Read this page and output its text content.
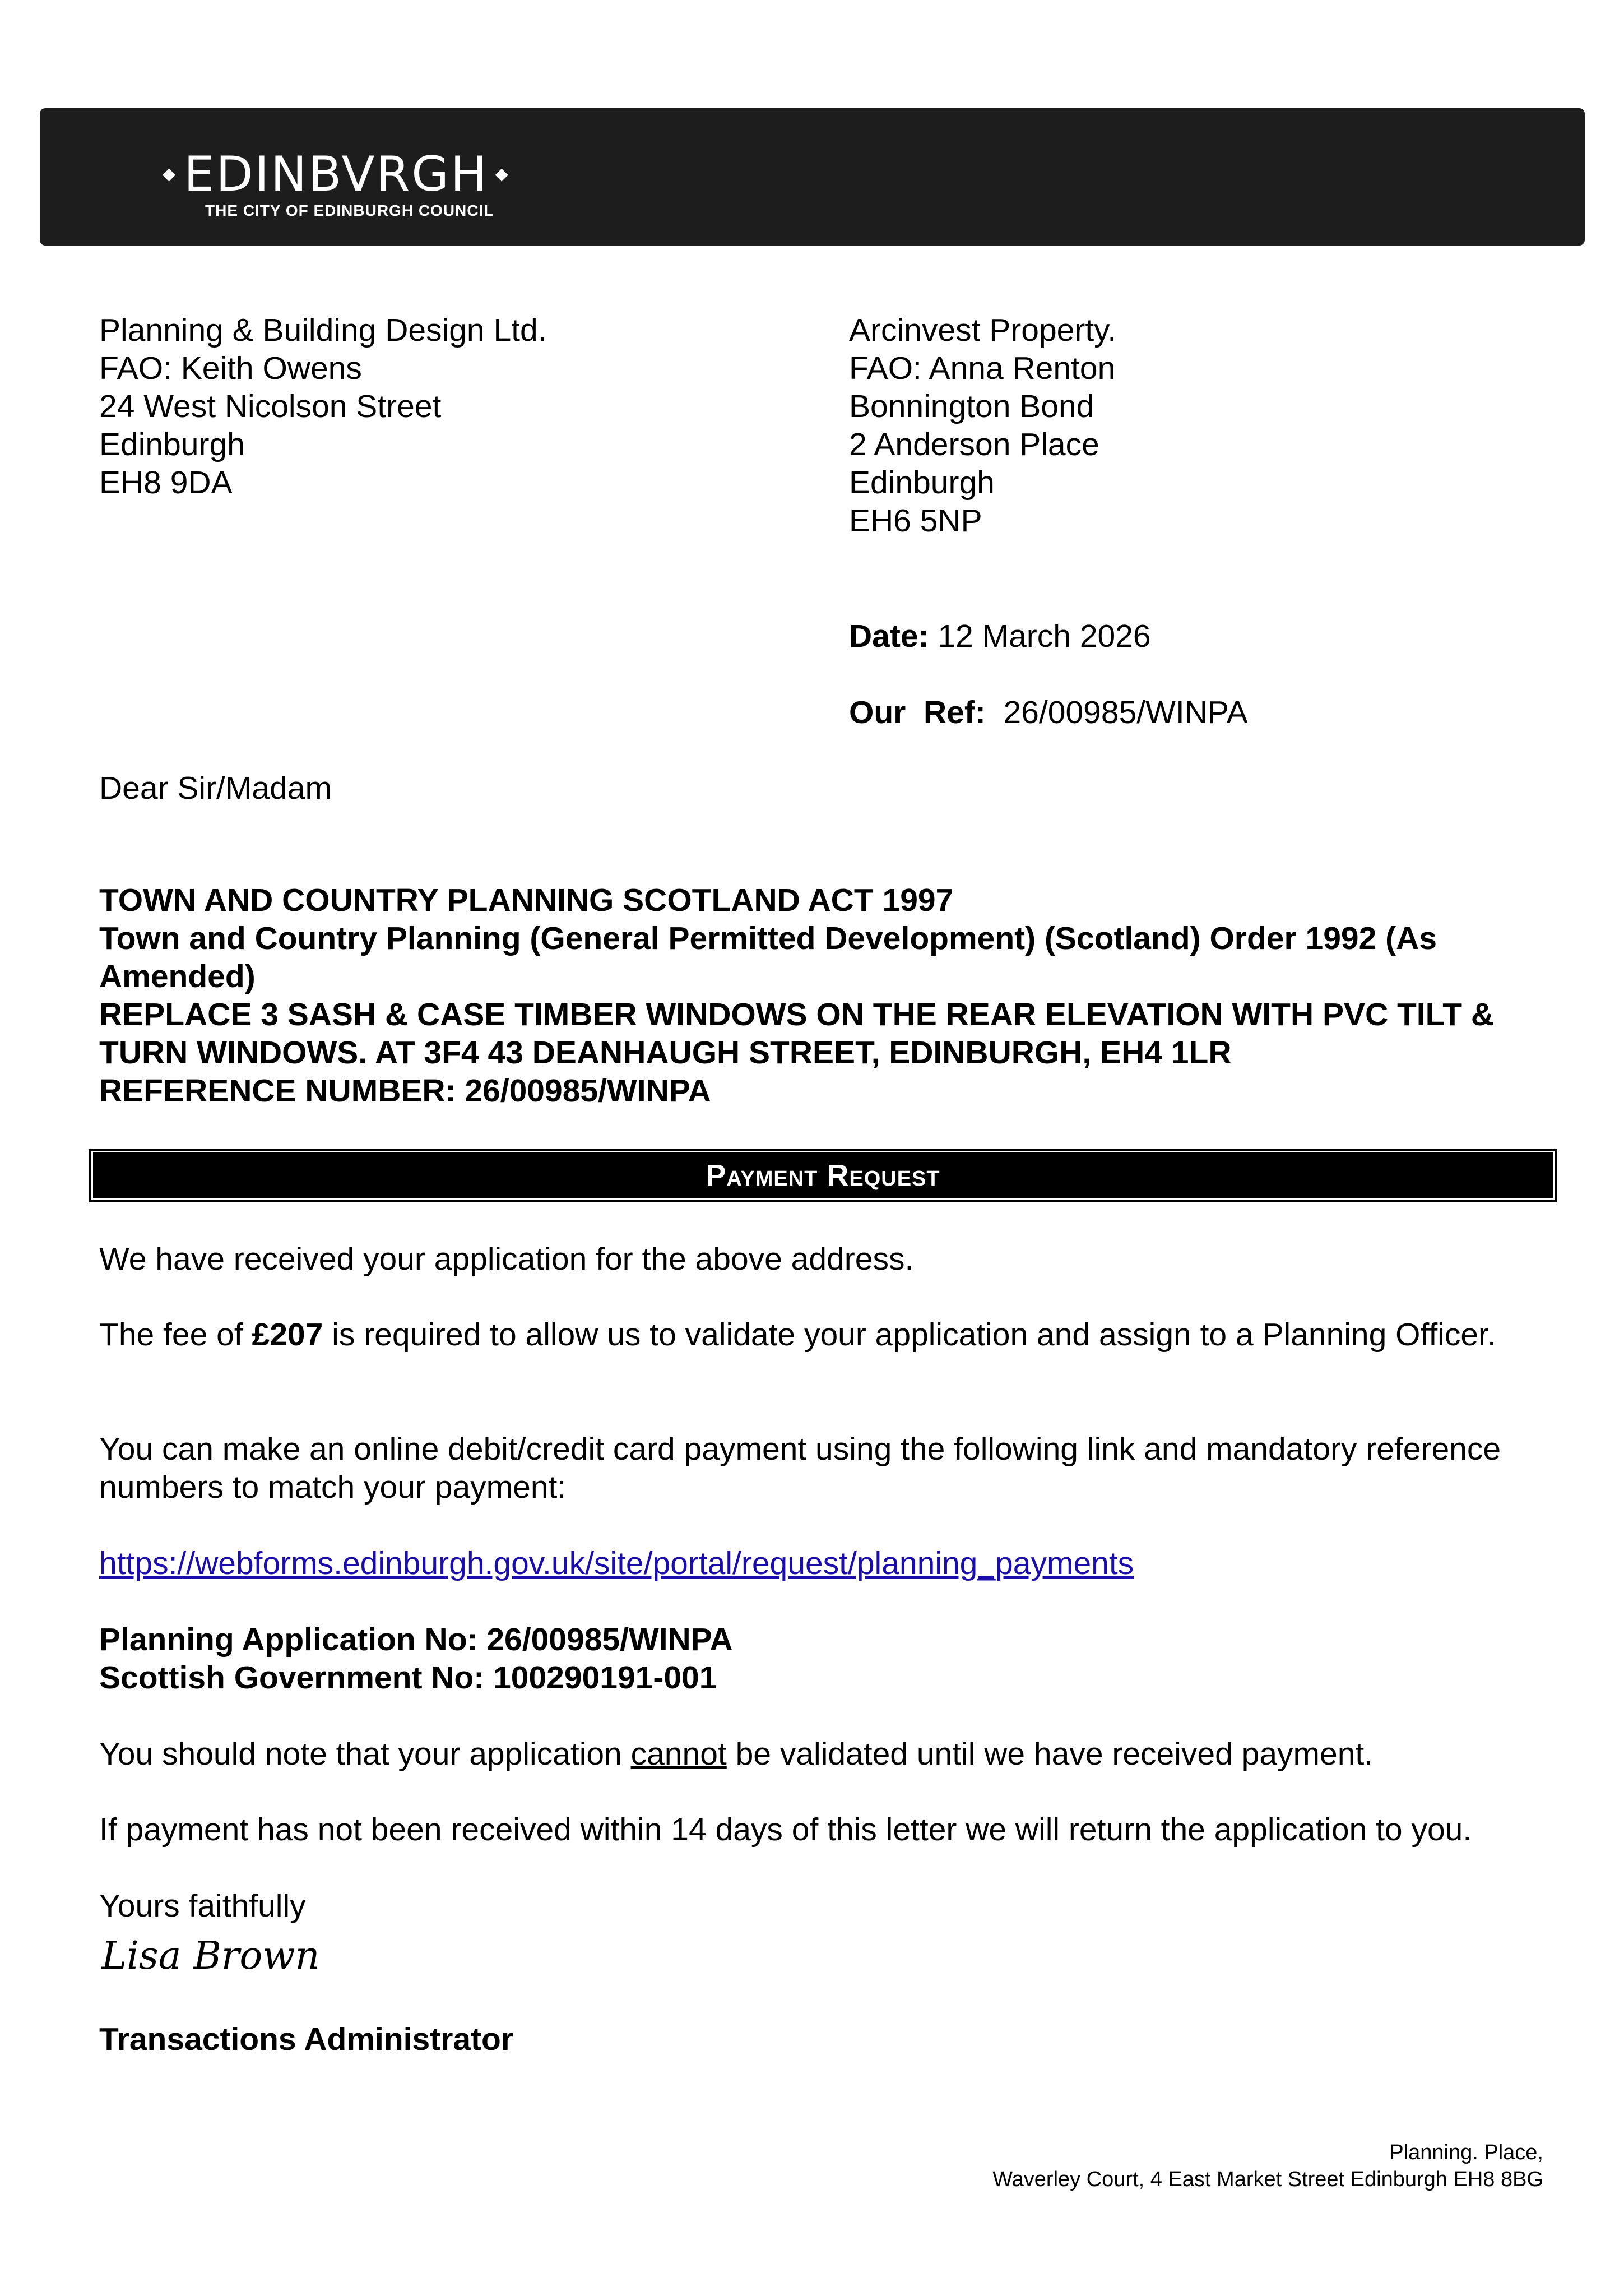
◆ EDINBVRGH ◆
THE CITY OF EDINBURGH COUNCIL
Planning & Building Design Ltd.
FAO: Keith Owens
24 West Nicolson Street
Edinburgh
EH8 9DA
Arcinvest Property.
FAO: Anna Renton
Bonnington Bond
2 Anderson Place
Edinburgh
EH6 5NP
Date: 12 March 2026
Our  Ref: 26/00985/WINPA
Dear Sir/Madam
TOWN AND COUNTRY PLANNING SCOTLAND ACT 1997
Town and Country Planning (General Permitted Development) (Scotland) Order 1992 (As Amended)
REPLACE 3 SASH & CASE TIMBER WINDOWS ON THE REAR ELEVATION WITH PVC TILT & TURN WINDOWS. AT 3F4 43 DEANHAUGH STREET, EDINBURGH, EH4 1LR
REFERENCE NUMBER: 26/00985/WINPA
Payment Request
We have received your application for the above address.
The fee of £207 is required to allow us to validate your application and assign to a Planning Officer.
You can make an online debit/credit card payment using the following link and mandatory reference numbers to match your payment:
https://webforms.edinburgh.gov.uk/site/portal/request/planning_payments
Planning Application No: 26/00985/WINPA
Scottish Government No: 100290191-001
You should note that your application cannot be validated until we have received payment.
If payment has not been received within 14 days of this letter we will return the application to you.
Yours faithfully
Lisa Brown
Transactions Administrator
Planning. Place,
Waverley Court, 4 East Market Street Edinburgh EH8 8BG
